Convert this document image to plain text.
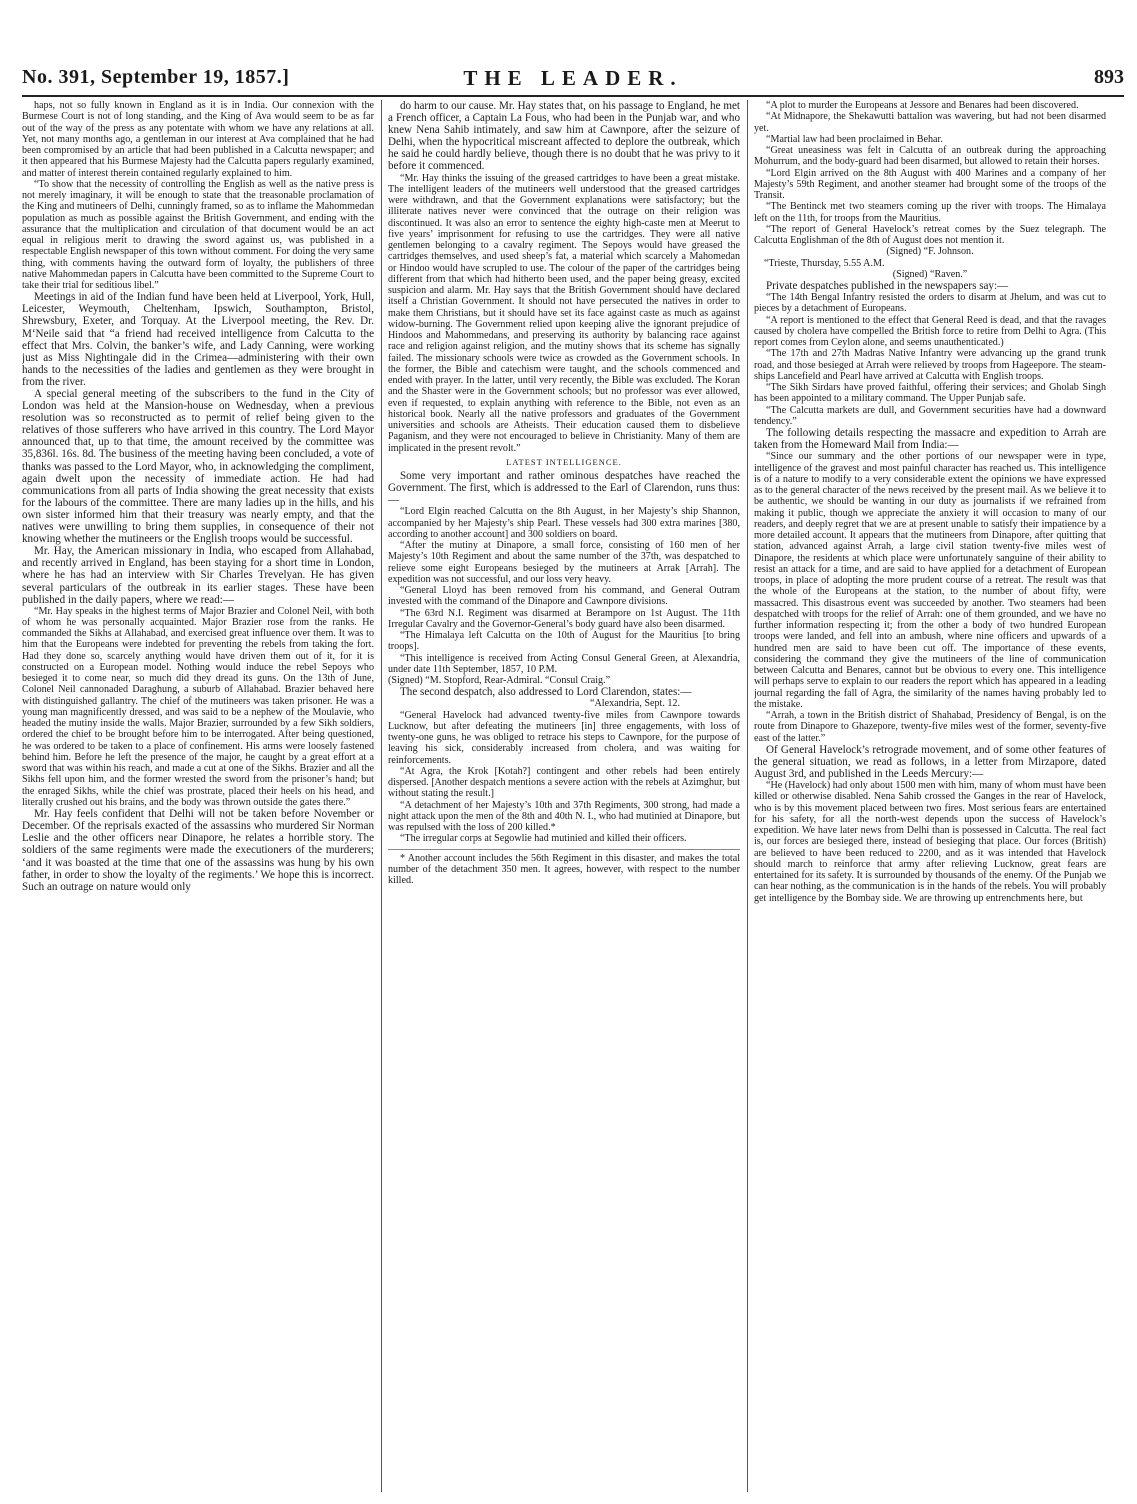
No. 391, September 19, 1857.]	THE LEADER.	893

haps, not so fully known in England as it is in India. Our connexion with the Burmese Court is not of long standing, and the King of Ava would seem to be as far out of the way of the press as any potentate with whom we have any relations at all. Yet, not many months ago, a gentleman in our interest at Ava complained that he had been compromised by an article that had been published in a Calcutta newspaper; and it then appeared that his Burmese Majesty had the Calcutta papers regularly examined, and matter of interest therein contained regularly explained to him.

“To show that the necessity of controlling the English as well as the native press is not merely imaginary, it will be enough to state that the treasonable proclamation of the King and mutineers of Delhi, cunningly framed, so as to inflame the Mahommedan population as much as possible against the British Government, and ending with the assurance that the multiplication and circulation of that document would be an act equal in religious merit to drawing the sword against us, was published in a respectable English newspaper of this town without comment. For doing the very same thing, with comments having the outward form of loyalty, the publishers of three native Mahommedan papers in Calcutta have been committed to the Supreme Court to take their trial for seditious libel.”

Meetings in aid of the Indian fund have been held at Liverpool, York, Hull, Leicester, Weymouth, Cheltenham, Ipswich, Southampton, Bristol, Shrewsbury, Exeter, and Torquay. At the Liverpool meeting, the Rev. Dr. M‘Neile said that “a friend had received intelligence from Calcutta to the effect that Mrs. Colvin, the banker’s wife, and Lady Canning, were working just as Miss Nightingale did in the Crimea—administering with their own hands to the necessities of the ladies and gentlemen as they were brought in from the river.

A special general meeting of the subscribers to the fund in the City of London was held at the Mansion-house on Wednesday, when a previous resolution was so reconstructed as to permit of relief being given to the relatives of those sufferers who have arrived in this country. The Lord Mayor announced that, up to that time, the amount received by the committee was 35,836l. 16s. 8d. The business of the meeting having been concluded, a vote of thanks was passed to the Lord Mayor, who, in acknowledging the compliment, again dwelt upon the necessity of immediate action. He had had communications from all parts of India showing the great necessity that exists for the labours of the committee. There are many ladies up in the hills, and his own sister informed him that their treasury was nearly empty, and that the natives were unwilling to bring them supplies, in consequence of their not knowing whether the mutineers or the English troops would be successful.

Mr. Hay, the American missionary in India, who escaped from Allahabad, and recently arrived in England, has been staying for a short time in London, where he has had an interview with Sir Charles Trevelyan. He has given several particulars of the outbreak in its earlier stages. These have been published in the daily papers, where we read:—

“Mr. Hay speaks in the highest terms of Major Brazier and Colonel Neil, with both of whom he was personally acquainted. Major Brazier rose from the ranks. He commanded the Sikhs at Allahabad, and exercised great influence over them. It was to him that the Europeans were indebted for preventing the rebels from taking the fort. Had they done so, scarcely anything would have driven them out of it, for it is constructed on a European model. Nothing would induce the rebel Sepoys who besieged it to come near, so much did they dread its guns. On the 13th of June, Colonel Neil cannonaded Daraghung, a suburb of Allahabad. Brazier behaved here with distinguished gallantry. The chief of the mutineers was taken prisoner. He was a young man magnificently dressed, and was said to be a nephew of the Moulavie, who headed the mutiny inside the walls. Major Brazier, surrounded by a few Sikh soldiers, ordered the chief to be brought before him to be interrogated. After being questioned, he was ordered to be taken to a place of confinement. His arms were loosely fastened behind him. Before he left the presence of the major, he caught by a great effort at a sword that was within his reach, and made a cut at one of the Sikhs. Brazier and all the Sikhs fell upon him, and the former wrested the sword from the prisoner’s hand; but the enraged Sikhs, while the chief was prostrate, placed their heels on his head, and literally crushed out his brains, and the body was thrown outside the gates there.”

Mr. Hay feels confident that Delhi will not be taken before November or December. Of the reprisals exacted of the assassins who murdered Sir Norman Leslie and the other officers near Dinapore, he relates a horrible story. The soldiers of the same regiments were made the executioners of the murderers; ‘and it was boasted at the time that one of the assassins was hung by his own father, in order to show the loyalty of the regiments.’ We hope this is incorrect. Such an outrage on nature would only

do harm to our cause. Mr. Hay states that, on his passage to England, he met a French officer, a Captain La Fous, who had been in the Punjab war, and who knew Nena Sahib intimately, and saw him at Cawnpore, after the seizure of Delhi, when the hypocritical miscreant affected to deplore the outbreak, which he said he could hardly believe, though there is no doubt that he was privy to it before it commenced.

“Mr. Hay thinks the issuing of the greased cartridges to have been a great mistake. The intelligent leaders of the mutineers well understood that the greased cartridges were withdrawn, and that the Government explanations were satisfactory; but the illiterate natives never were convinced that the outrage on their religion was discontinued. It was also an error to sentence the eighty high-caste men at Meerut to five years’ imprisonment for refusing to use the cartridges. They were all native gentlemen belonging to a cavalry regiment. The Sepoys would have greased the cartridges themselves, and used sheep’s fat, a material which scarcely a Mahomedan or Hindoo would have scrupled to use. The colour of the paper of the cartridges being different from that which had hitherto been used, and the paper being greasy, excited suspicion and alarm. Mr. Hay says that the British Government should have declared itself a Christian Government. It should not have persecuted the natives in order to make them Christians, but it should have set its face against caste as much as against widow-burning. The Government relied upon keeping alive the ignorant prejudice of Hindoos and Mahommedans, and preserving its authority by balancing race against race and religion against religion, and the mutiny shows that its scheme has signally failed. The missionary schools were twice as crowded as the Government schools. In the former, the Bible and catechism were taught, and the schools commenced and ended with prayer. In the latter, until very recently, the Bible was excluded. The Koran and the Shaster were in the Government schools; but no professor was ever allowed, even if requested, to explain anything with reference to the Bible, not even as an historical book. Nearly all the native professors and graduates of the Government universities and schools are Atheists. Their education caused them to disbelieve Paganism, and they were not encouraged to believe in Christianity. Many of them are implicated in the present revolt.”

LATEST INTELLIGENCE.

Some very important and rather ominous despatches have reached the Government. The first, which is addressed to the Earl of Clarendon, runs thus:—

“Lord Elgin reached Calcutta on the 8th August, in her Majesty’s ship Shannon, accompanied by her Majesty’s ship Pearl. These vessels had 300 extra marines [380, according to another account] and 300 soldiers on board.

“After the mutiny at Dinapore, a small force, consisting of 160 men of her Majesty’s 10th Regiment and about the same number of the 37th, was despatched to relieve some eight Europeans besieged by the mutineers at Arrak [Arrah]. The expedition was not successful, and our loss very heavy.

“General Lloyd has been removed from his command, and General Outram invested with the command of the Dinapore and Cawnpore divisions.

“The 63rd N.I. Regiment was disarmed at Berampore on 1st August. The 11th Irregular Cavalry and the Governor-General’s body guard have also been disarmed.

“The Himalaya left Calcutta on the 10th of August for the Mauritius [to bring troops].

“This intelligence is received from Acting Consul General Green, at Alexandria, under date 11th September, 1857, 10 P.M.

(Signed) “M. Stopford, Rear-Admiral. “Consul Craig.”

The second despatch, also addressed to Lord Clarendon, states:—

“Alexandria, Sept. 12.

“General Havelock had advanced twenty-five miles from Cawnpore towards Lucknow, but after defeating the mutineers [in] three engagements, with loss of twenty-one guns, he was obliged to retrace his steps to Cawnpore, for the purpose of leaving his sick, considerably increased from cholera, and was waiting for reinforcements.

“At Agra, the Krok [Kotah?] contingent and other rebels had been entirely dispersed. [Another despatch mentions a severe action with the rebels at Azimghur, but without stating the result.]

“A detachment of her Majesty’s 10th and 37th Regiments, 300 strong, had made a night attack upon the men of the 8th and 40th N. I., who had mutinied at Dinapore, but was repulsed with the loss of 200 killed.*

“The irregular corps at Segowlie had mutinied and killed their officers.

* Another account includes the 56th Regiment in this disaster, and makes the total number of the detachment 350 men. It agrees, however, with respect to the number killed.

“A plot to murder the Europeans at Jessore and Benares had been discovered.

“At Midnapore, the Shekawutti battalion was wavering, but had not been disarmed yet.

“Martial law had been proclaimed in Behar.

“Great uneasiness was felt in Calcutta of an outbreak during the approaching Mohurrum, and the body-guard had been disarmed, but allowed to retain their horses.

“Lord Elgin arrived on the 8th August with 400 Marines and a company of her Majesty’s 59th Regiment, and another steamer had brought some of the troops of the Transit.

“The Bentinck met two steamers coming up the river with troops. The Himalaya left on the 11th, for troops from the Mauritius.

“The report of General Havelock’s retreat comes by the Suez telegraph. The Calcutta Englishman of the 8th of August does not mention it.

(Signed) “F. Johnson.

“Trieste, Thursday, 5.55 A.M.

(Signed) “Raven.”

Private despatches published in the newspapers say:—

“The 14th Bengal Infantry resisted the orders to disarm at Jhelum, and was cut to pieces by a detachment of Europeans.

“A report is mentioned to the effect that General Reed is dead, and that the ravages caused by cholera have compelled the British force to retire from Delhi to Agra. (This report comes from Ceylon alone, and seems unauthenticated.)

“The 17th and 27th Madras Native Infantry were advancing up the grand trunk road, and those besieged at Arrah were relieved by troops from Hageepore. The steam-ships Lancefield and Pearl have arrived at Calcutta with English troops.

“The Sikh Sirdars have proved faithful, offering their services; and Gholab Singh has been appointed to a military command. The Upper Punjab safe.

“The Calcutta markets are dull, and Government securities have had a downward tendency.”

The following details respecting the massacre and expedition to Arrah are taken from the Homeward Mail from India:—

“Since our summary and the other portions of our newspaper were in type, intelligence of the gravest and most painful character has reached us. This intelligence is of a nature to modify to a very considerable extent the opinions we have expressed as to the general character of the news received by the present mail. As we believe it to be authentic, we should be wanting in our duty as journalists if we refrained from making it public, though we appreciate the anxiety it will occasion to many of our readers, and deeply regret that we are at present unable to satisfy their impatience by a more detailed account. It appears that the mutineers from Dinapore, after quitting that station, advanced against Arrah, a large civil station twenty-five miles west of Dinapore, the residents at which place were unfortunately sanguine of their ability to resist an attack for a time, and are said to have applied for a detachment of European troops, in place of adopting the more prudent course of a retreat. The result was that the whole of the Europeans at the station, to the number of about fifty, were massacred. This disastrous event was succeeded by another. Two steamers had been despatched with troops for the relief of Arrah: one of them grounded, and we have no further information respecting it; from the other a body of two hundred European troops were landed, and fell into an ambush, where nine officers and upwards of a hundred men are said to have been cut off. The importance of these events, considering the command they give the mutineers of the line of communication between Calcutta and Benares, cannot but be obvious to every one. This intelligence will perhaps serve to explain to our readers the report which has appeared in a leading journal regarding the fall of Agra, the similarity of the names having probably led to the mistake.

“Arrah, a town in the British district of Shahabad, Presidency of Bengal, is on the route from Dinapore to Ghazepore, twenty-five miles west of the former, seventy-five east of the latter.”

Of General Havelock’s retrograde movement, and of some other features of the general situation, we read as follows, in a letter from Mirzapore, dated August 3rd, and published in the Leeds Mercury:—

“He (Havelock) had only about 1500 men with him, many of whom must have been killed or otherwise disabled. Nena Sahib crossed the Ganges in the rear of Havelock, who is by this movement placed between two fires. Most serious fears are entertained for his safety, for all the north-west depends upon the success of Havelock’s expedition. We have later news from Delhi than is possessed in Calcutta. The real fact is, our forces are besieged there, instead of besieging that place. Our forces (British) are believed to have been reduced to 2200, and as it was intended that Havelock should march to reinforce that army after relieving Lucknow, great fears are entertained for its safety. It is surrounded by thousands of the enemy. Of the Punjab we can hear nothing, as the communication is in the hands of the rebels. You will probably get intelligence by the Bombay side. We are throwing up entrenchments here, but
